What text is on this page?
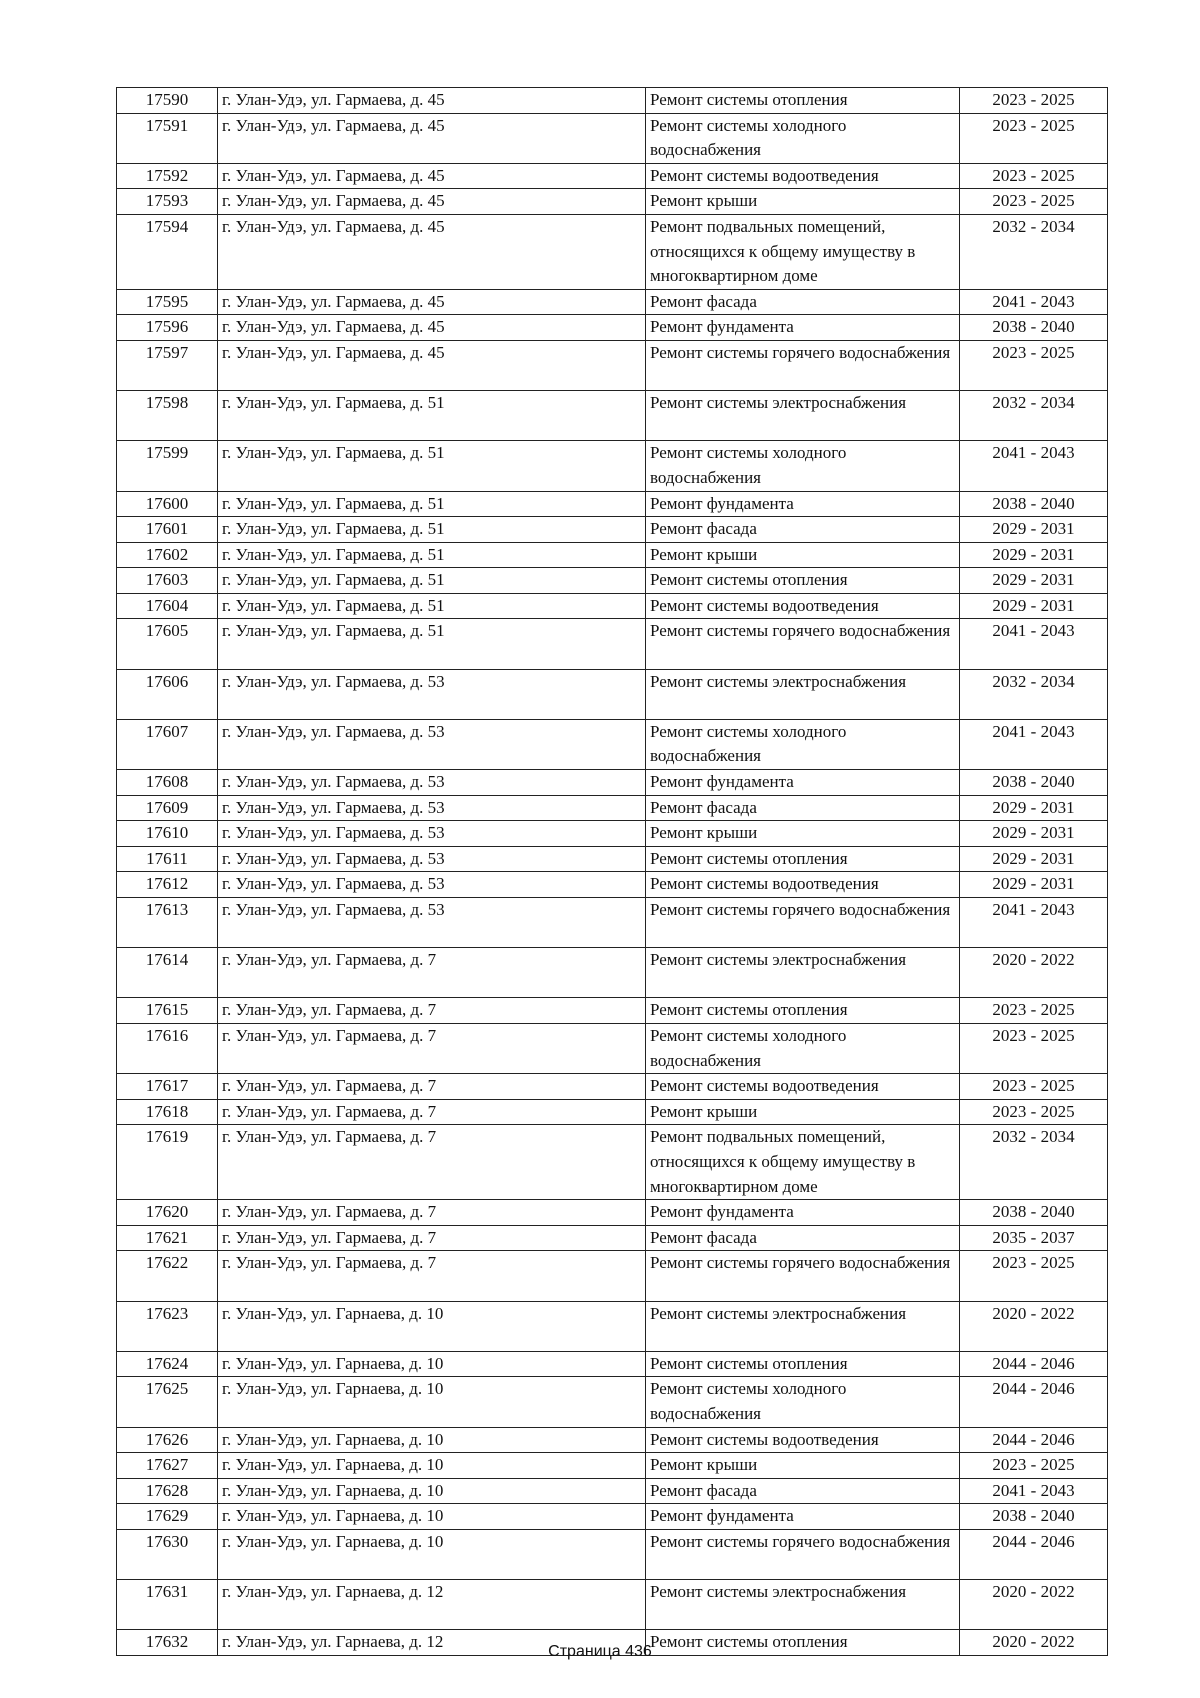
17590	г. Улан-Удэ, ул. Гармаева, д. 45	Ремонт системы отопления	2023 - 2025
17591	г. Улан-Удэ, ул. Гармаева, д. 45	Ремонт системы холодного водоснабжения	2023 - 2025
17592	г. Улан-Удэ, ул. Гармаева, д. 45	Ремонт системы водоотведения	2023 - 2025
17593	г. Улан-Удэ, ул. Гармаева, д. 45	Ремонт крыши	2023 - 2025
17594	г. Улан-Удэ, ул. Гармаева, д. 45	Ремонт подвальных помещений, относящихся к общему имуществу в многоквартирном доме	2032 - 2034
17595	г. Улан-Удэ, ул. Гармаева, д. 45	Ремонт фасада	2041 - 2043
17596	г. Улан-Удэ, ул. Гармаева, д. 45	Ремонт фундамента	2038 - 2040
17597	г. Улан-Удэ, ул. Гармаева, д. 45	Ремонт системы горячего водоснабжения	2023 - 2025
17598	г. Улан-Удэ, ул. Гармаева, д. 51	Ремонт системы электроснабжения	2032 - 2034
17599	г. Улан-Удэ, ул. Гармаева, д. 51	Ремонт системы холодного водоснабжения	2041 - 2043
17600	г. Улан-Удэ, ул. Гармаева, д. 51	Ремонт фундамента	2038 - 2040
17601	г. Улан-Удэ, ул. Гармаева, д. 51	Ремонт фасада	2029 - 2031
17602	г. Улан-Удэ, ул. Гармаева, д. 51	Ремонт крыши	2029 - 2031
17603	г. Улан-Удэ, ул. Гармаева, д. 51	Ремонт системы отопления	2029 - 2031
17604	г. Улан-Удэ, ул. Гармаева, д. 51	Ремонт системы водоотведения	2029 - 2031
17605	г. Улан-Удэ, ул. Гармаева, д. 51	Ремонт системы горячего водоснабжения	2041 - 2043
17606	г. Улан-Удэ, ул. Гармаева, д. 53	Ремонт системы электроснабжения	2032 - 2034
17607	г. Улан-Удэ, ул. Гармаева, д. 53	Ремонт системы холодного водоснабжения	2041 - 2043
17608	г. Улан-Удэ, ул. Гармаева, д. 53	Ремонт фундамента	2038 - 2040
17609	г. Улан-Удэ, ул. Гармаева, д. 53	Ремонт фасада	2029 - 2031
17610	г. Улан-Удэ, ул. Гармаева, д. 53	Ремонт крыши	2029 - 2031
17611	г. Улан-Удэ, ул. Гармаева, д. 53	Ремонт системы отопления	2029 - 2031
17612	г. Улан-Удэ, ул. Гармаева, д. 53	Ремонт системы водоотведения	2029 - 2031
17613	г. Улан-Удэ, ул. Гармаева, д. 53	Ремонт системы горячего водоснабжения	2041 - 2043
17614	г. Улан-Удэ, ул. Гармаева, д. 7	Ремонт системы электроснабжения	2020 - 2022
17615	г. Улан-Удэ, ул. Гармаева, д. 7	Ремонт системы отопления	2023 - 2025
17616	г. Улан-Удэ, ул. Гармаева, д. 7	Ремонт системы холодного водоснабжения	2023 - 2025
17617	г. Улан-Удэ, ул. Гармаева, д. 7	Ремонт системы водоотведения	2023 - 2025
17618	г. Улан-Удэ, ул. Гармаева, д. 7	Ремонт крыши	2023 - 2025
17619	г. Улан-Удэ, ул. Гармаева, д. 7	Ремонт подвальных помещений, относящихся к общему имуществу в многоквартирном доме	2032 - 2034
17620	г. Улан-Удэ, ул. Гармаева, д. 7	Ремонт фундамента	2038 - 2040
17621	г. Улан-Удэ, ул. Гармаева, д. 7	Ремонт фасада	2035 - 2037
17622	г. Улан-Удэ, ул. Гармаева, д. 7	Ремонт системы горячего водоснабжения	2023 - 2025
17623	г. Улан-Удэ, ул. Гарнаева, д. 10	Ремонт системы электроснабжения	2020 - 2022
17624	г. Улан-Удэ, ул. Гарнаева, д. 10	Ремонт системы отопления	2044 - 2046
17625	г. Улан-Удэ, ул. Гарнаева, д. 10	Ремонт системы холодного водоснабжения	2044 - 2046
17626	г. Улан-Удэ, ул. Гарнаева, д. 10	Ремонт системы водоотведения	2044 - 2046
17627	г. Улан-Удэ, ул. Гарнаева, д. 10	Ремонт крыши	2023 - 2025
17628	г. Улан-Удэ, ул. Гарнаева, д. 10	Ремонт фасада	2041 - 2043
17629	г. Улан-Удэ, ул. Гарнаева, д. 10	Ремонт фундамента	2038 - 2040
17630	г. Улан-Удэ, ул. Гарнаева, д. 10	Ремонт системы горячего водоснабжения	2044 - 2046
17631	г. Улан-Удэ, ул. Гарнаева, д. 12	Ремонт системы электроснабжения	2020 - 2022
17632	г. Улан-Удэ, ул. Гарнаева, д. 12	Ремонт системы отопления	2020 - 2022
Страница 436
